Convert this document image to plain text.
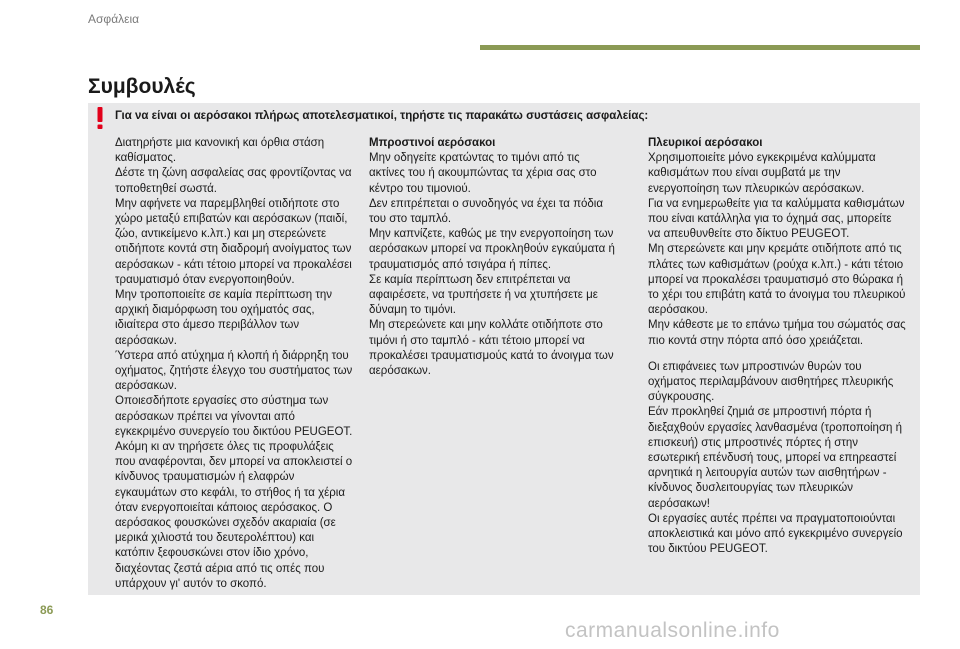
Ασφάλεια
Συμβουλές
Για να είναι οι αερόσακοι πλήρως αποτελεσματικοί, τηρήστε τις παρακάτω συστάσεις ασφαλείας:

Διατηρήστε μια κανονική και όρθια στάση καθίσματος.

Δέστε τη ζώνη ασφαλείας σας φροντίζοντας να τοποθετηθεί σωστά.

Μην αφήνετε να παρεμβληθεί οτιδήποτε στο χώρο μεταξύ επιβατών και αερόσακων (παιδί, ζώο, αντικείμενο κ.λπ.) και μη στερεώνετε οτιδήποτε κοντά στη διαδρομή ανοίγματος των αερόσακων - κάτι τέτοιο μπορεί να προκαλέσει τραυματισμό όταν ενεργοποιηθούν.

Μην τροποποιείτε σε καμία περίπτωση την αρχική διαμόρφωση του οχήματός σας, ιδιαίτερα στο άμεσο περιβάλλον των αερόσακων.

Ύστερα από ατύχημα ή κλοπή ή διάρρηξη του οχήματος, ζητήστε έλεγχο του συστήματος των αερόσακων.

Οποιεσδήποτε εργασίες στο σύστημα των αερόσακων πρέπει να γίνονται από εγκεκριμένο συνεργείο του δικτύου PEUGEOT.

Ακόμη κι αν τηρήσετε όλες τις προφυλάξεις που αναφέρονται, δεν μπορεί να αποκλειστεί ο κίνδυνος τραυματισμών ή ελαφρών εγκαυμάτων στο κεφάλι, το στήθος ή τα χέρια όταν ενεργοποιείται κάποιος αερόσακος. Ο αερόσακος φουσκώνει σχεδόν ακαριαία (σε μερικά χιλιοστά του δευτερολέπτου) και κατόπιν ξεφουσκώνει στον ίδιο χρόνο, διαχέοντας ζεστά αέρια από τις οπές που υπάρχουν γι' αυτόν το σκοπό.

Μπροστινοί αερόσακοι

Μην οδηγείτε κρατώντας το τιμόνι από τις ακτίνες του ή ακουμπώντας τα χέρια σας στο κέντρο του τιμονιού.

Δεν επιτρέπεται ο συνοδηγός να έχει τα πόδια του στο ταμπλό.

Μην καπνίζετε, καθώς με την ενεργοποίηση των αερόσακων μπορεί να προκληθούν εγκαύματα ή τραυματισμός από τσιγάρα ή πίπες.

Σε καμία περίπτωση δεν επιτρέπεται να αφαιρέσετε, να τρυπήσετε ή να χτυπήσετε με δύναμη το τιμόνι.

Μη στερεώνετε και μην κολλάτε οτιδήποτε στο τιμόνι ή στο ταμπλό - κάτι τέτοιο μπορεί να προκαλέσει τραυματισμούς κατά το άνοιγμα των αερόσακων.

Πλευρικοί αερόσακοι

Χρησιμοποιείτε μόνο εγκεκριμένα καλύμματα καθισμάτων που είναι συμβατά με την ενεργοποίηση των πλευρικών αερόσακων.

Για να ενημερωθείτε για τα καλύμματα καθισμάτων που είναι κατάλληλα για το όχημά σας, μπορείτε να απευθυνθείτε στο δίκτυο PEUGEOT.

Μη στερεώνετε και μην κρεμάτε οτιδήποτε από τις πλάτες των καθισμάτων (ρούχα κ.λπ.) - κάτι τέτοιο μπορεί να προκαλέσει τραυματισμό στο θώρακα ή το χέρι του επιβάτη κατά το άνοιγμα του πλευρικού αερόσακου.

Μην κάθεστε με το επάνω τμήμα του σώματός σας πιο κοντά στην πόρτα από όσο χρειάζεται.

Οι επιφάνειες των μπροστινών θυρών του οχήματος περιλαμβάνουν αισθητήρες πλευρικής σύγκρουσης.

Εάν προκληθεί ζημιά σε μπροστινή πόρτα ή διεξαχθούν εργασίες λανθασμένα (τροποποίηση ή επισκευή) στις μπροστινές πόρτες ή στην εσωτερική επένδυσή τους, μπορεί να επηρεαστεί αρνητικά η λειτουργία αυτών των αισθητήρων - κίνδυνος δυσλειτουργίας των πλευρικών αερόσακων!

Οι εργασίες αυτές πρέπει να πραγματοποιούνται αποκλειστικά και μόνο από εγκεκριμένο συνεργείο του δικτύου PEUGEOT.

86
carmanualsonline.info
